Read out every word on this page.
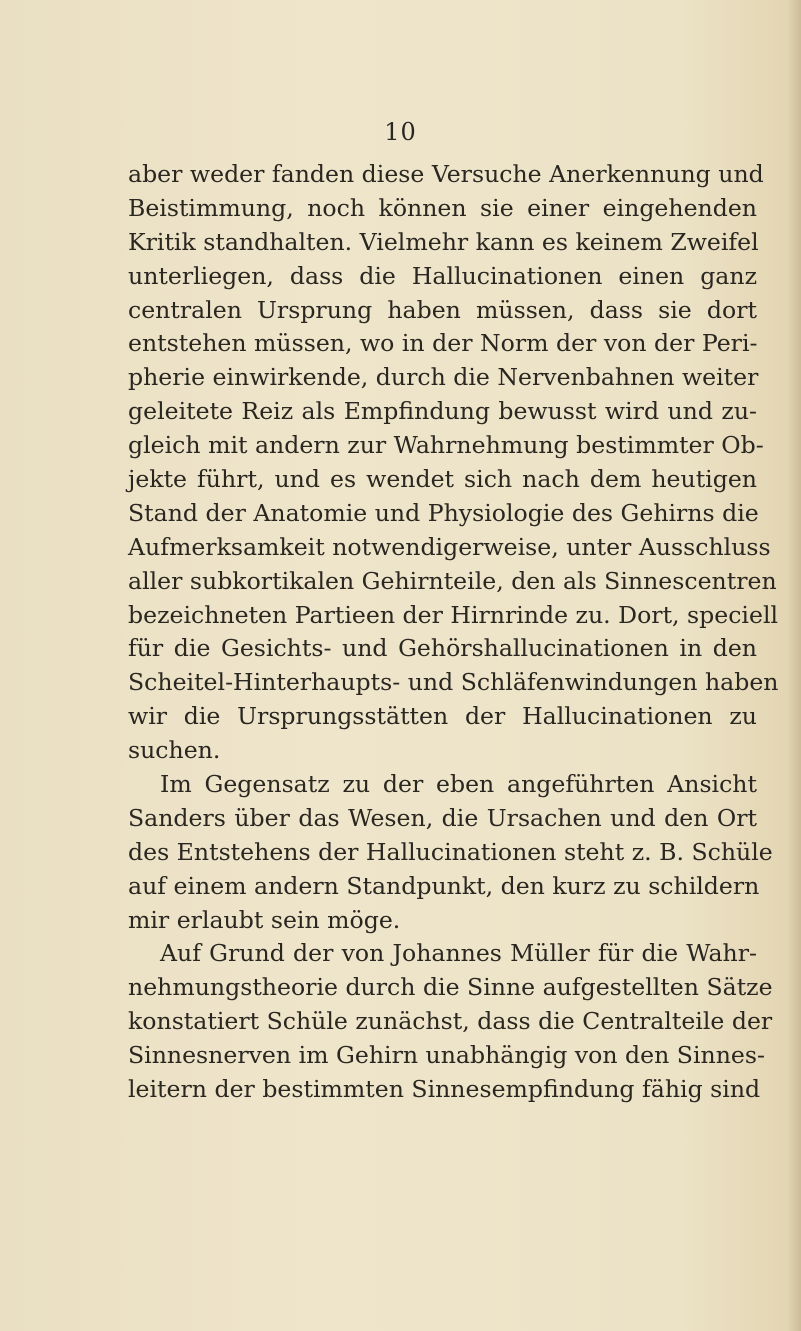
10
aber weder fanden diese Versuche Anerkennung und
Beistimmung, noch können sie einer eingehenden
Kritik standhalten. Vielmehr kann es keinem Zweifel
unterliegen, dass die Hallucinationen einen ganz
centralen Ursprung haben müssen, dass sie dort
entstehen müssen, wo in der Norm der von der Peri-
pherie einwirkende, durch die Nervenbahnen weiter
geleitete Reiz als Empfindung bewusst wird und zu-
gleich mit andern zur Wahrnehmung bestimmter Ob-
jekte führt, und es wendet sich nach dem heutigen
Stand der Anatomie und Physiologie des Gehirns die
Aufmerksamkeit notwendigerweise, unter Ausschluss
aller subkortikalen Gehirnteile, den als Sinnescentren
bezeichneten Partieen der Hirnrinde zu. Dort, speciell
für die Gesichts- und Gehörshallucinationen in den
Scheitel-Hinterhaupts- und Schläfenwindungen haben
wir die Ursprungsstätten der Hallucinationen zu
suchen.
Im Gegensatz zu der eben angeführten Ansicht
Sanders über das Wesen, die Ursachen und den Ort
des Entstehens der Hallucinationen steht z. B. Schüle
auf einem andern Standpunkt, den kurz zu schildern
mir erlaubt sein möge.
Auf Grund der von Johannes Müller für die Wahr-
nehmungstheorie durch die Sinne aufgestellten Sätze
konstatiert Schüle zunächst, dass die Centralteile der
Sinnesnerven im Gehirn unabhängig von den Sinnes-
leitern der bestimmten Sinnesempfindung fähig sind
